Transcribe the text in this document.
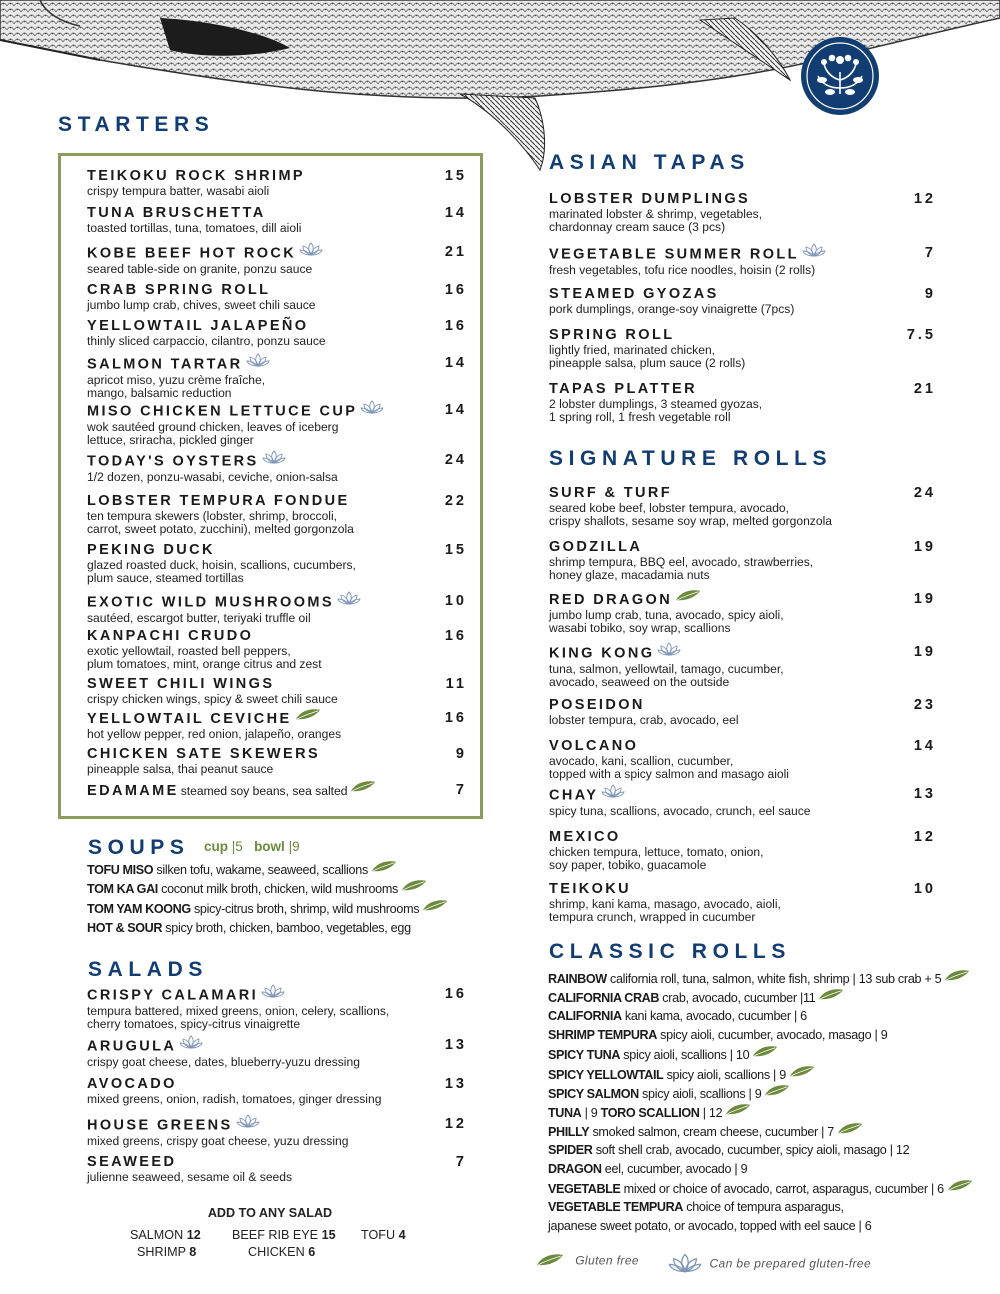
STARTERS
TEIKOKU ROCK SHRIMP	15
crispy tempura batter, wasabi aioli
TUNA BRUSCHETTA	14
toasted tortillas, tuna, tomatoes, dill aioli
KOBE BEEF HOT ROCK	21
seared table-side on granite, ponzu sauce
CRAB SPRING ROLL	16
jumbo lump crab, chives, sweet chili sauce
YELLOWTAIL JALAPEÑO	16
thinly sliced carpaccio, cilantro, ponzu sauce
SALMON TARTAR	14
apricot miso, yuzu crème fraîche,
mango, balsamic reduction
MISO CHICKEN LETTUCE CUP	14
wok sautéed ground chicken, leaves of iceberg
lettuce, sriracha, pickled ginger
TODAY'S OYSTERS	24
1/2 dozen, ponzu-wasabi, ceviche, onion-salsa
LOBSTER TEMPURA FONDUE	22
ten tempura skewers (lobster, shrimp, broccoli,
carrot, sweet potato, zucchini), melted gorgonzola
PEKING DUCK	15
glazed roasted duck, hoisin, scallions, cucumbers,
plum sauce, steamed tortillas
EXOTIC WILD MUSHROOMS	10
sautéed, escargot butter, teriyaki truffle oil
KANPACHI CRUDO	16
exotic yellowtail, roasted bell peppers,
plum tomatoes, mint, orange citrus and zest
SWEET CHILI WINGS	11
crispy chicken wings, spicy & sweet chili sauce
YELLOWTAIL CEVICHE	16
hot yellow pepper, red onion, jalapeño, oranges
CHICKEN SATE SKEWERS	9
pineapple salsa, thai peanut sauce
EDAMAME steamed soy beans, sea salted	7
SOUPS cup |5 bowl |9
TOFU MISO silken tofu, wakame, seaweed, scallions
TOM KA GAI coconut milk broth, chicken, wild mushrooms
TOM YAM KOONG spicy-citrus broth, shrimp, wild mushrooms
HOT & SOUR spicy broth, chicken, bamboo, vegetables, egg
SALADS
CRISPY CALAMARI	16
tempura battered, mixed greens, onion, celery, scallions,
cherry tomatoes, spicy-citrus vinaigrette
ARUGULA	13
crispy goat cheese, dates, blueberry-yuzu dressing
AVOCADO	13
mixed greens, onion, radish, tomatoes, ginger dressing
HOUSE GREENS	12
mixed greens, crispy goat cheese, yuzu dressing
SEAWEED	7
julienne seaweed, sesame oil & seeds
ADD TO ANY SALAD
SALMON 12 BEEF RIB EYE 15 TOFU 4
SHRIMP 8	CHICKEN 6
ASIAN TAPAS
LOBSTER DUMPLINGS	12
marinated lobster & shrimp, vegetables,
chardonnay cream sauce (3 pcs)
VEGETABLE SUMMER ROLL	7
fresh vegetables, tofu rice noodles, hoisin (2 rolls)
STEAMED GYOZAS	9
pork dumplings, orange-soy vinaigrette (7pcs)
SPRING ROLL	7.5
lightly fried, marinated chicken,
pineapple salsa, plum sauce (2 rolls)
TAPAS PLATTER	21
2 lobster dumplings, 3 steamed gyozas,
1 spring roll, 1 fresh vegetable roll
SIGNATURE ROLLS
SURF & TURF	24
seared kobe beef, lobster tempura, avocado,
crispy shallots, sesame soy wrap, melted gorgonzola
GODZILLA	19
shrimp tempura, BBQ eel, avocado, strawberries,
honey glaze, macadamia nuts
RED DRAGON	19
jumbo lump crab, tuna, avocado, spicy aioli,
wasabi tobiko, soy wrap, scallions
KING KONG	19
tuna, salmon, yellowtail, tamago, cucumber,
avocado, seaweed on the outside
POSEIDON	23
lobster tempura, crab, avocado, eel
VOLCANO	14
avocado, kani, scallion, cucumber,
topped with a spicy salmon and masago aioli
CHAY	13
spicy tuna, scallions, avocado, crunch, eel sauce
MEXICO	12
chicken tempura, lettuce, tomato, onion,
soy paper, tobiko, guacamole
TEIKOKU	10
shrimp, kani kama, masago, avocado, aioli,
tempura crunch, wrapped in cucumber
CLASSIC ROLLS
RAINBOW california roll, tuna, salmon, white fish, shrimp | 13 sub crab + 5
CALIFORNIA CRAB crab, avocado, cucumber |11
CALIFORNIA kani kama, avocado, cucumber | 6
SHRIMP TEMPURA spicy aioli, cucumber, avocado, masago | 9
SPICY TUNA spicy aioli, scallions | 10
SPICY YELLOWTAIL spicy aioli, scallions | 9
SPICY SALMON spicy aioli, scallions | 9
TUNA | 9 TORO SCALLION | 12
PHILLY smoked salmon, cream cheese, cucumber | 7
SPIDER soft shell crab, avocado, cucumber, spicy aioli, masago | 12
DRAGON eel, cucumber, avocado | 9
VEGETABLE mixed or choice of avocado, carrot, asparagus, cucumber | 6
VEGETABLE TEMPURA choice of tempura asparagus,
japanese sweet potato, or avocado, topped with eel sauce | 6
Gluten free	Can be prepared gluten-free
